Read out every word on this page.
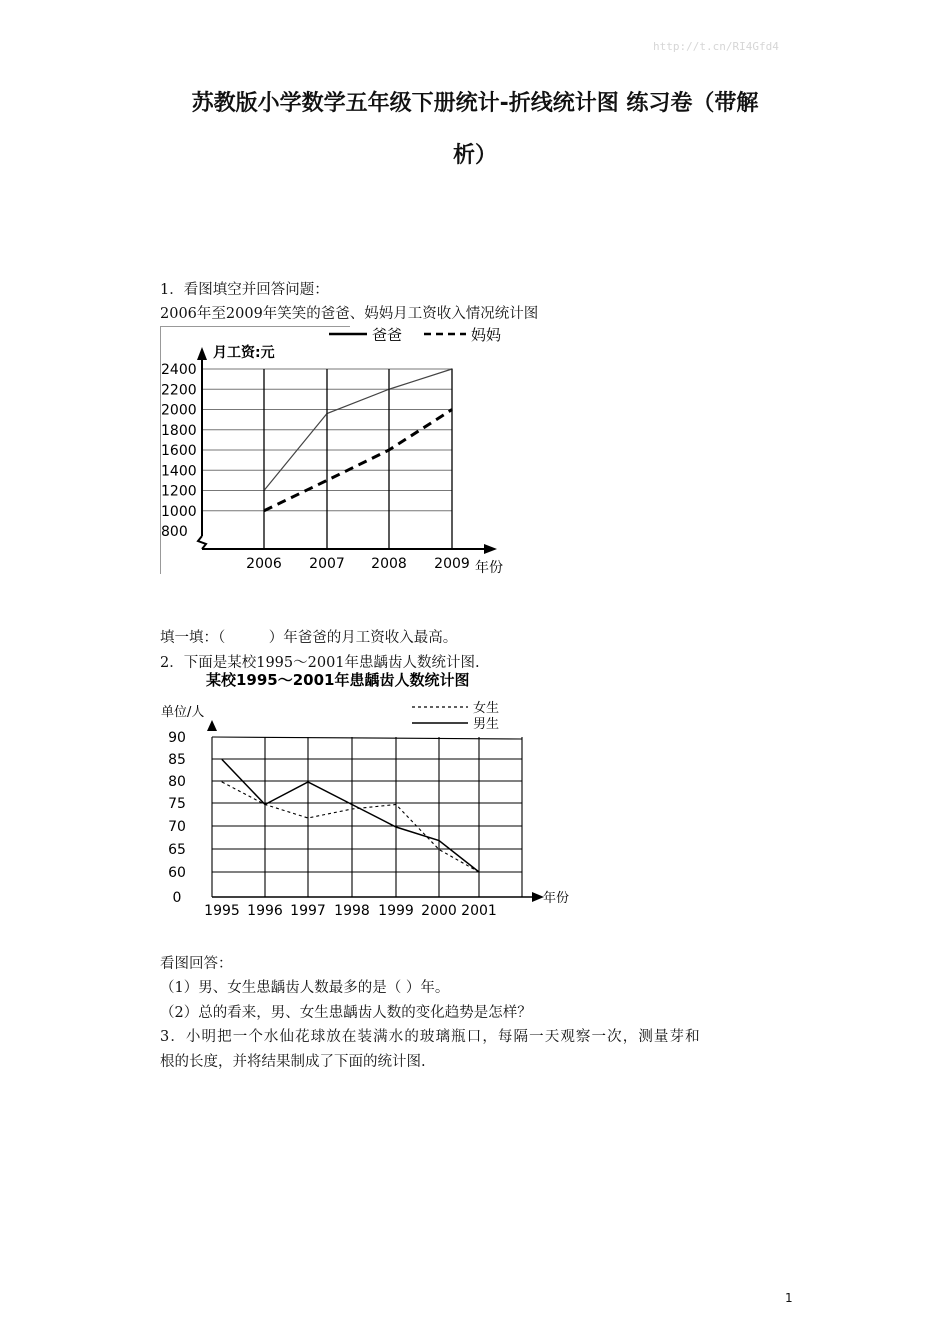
http://t.cn/RI4Gfd4
苏教版小学数学五年级下册统计-折线统计图 练习卷（带解
析）
1．看图填空并回答问题：
2006年至2009年笑笑的爸爸、妈妈月工资收入情况统计图
800
1000
1200
1400
1600
1800
2000
2200
2400
2006 2007 2008 2009
月工资:元
年份
爸爸	妈妈
填一填：（　　　）年爸爸的月工资收入最高。
2．下面是某校1995～2001年患龋齿人数统计图.
某校1995～2001年患龋齿人数统计图
单位/人	女生
男生
年份
0
60
65
70
75
80
85
90
1995 1996 1997 1998 1999 2000 2001
看图回答：
（1）男、女生患龋齿人数最多的是（ ）年。
（2）总的看来，男、女生患龋齿人数的变化趋势是怎样？
3．小明把一个水仙花球放在装满水的玻璃瓶口，每隔一天观察一次，测量芽和
根的长度，并将结果制成了下面的统计图.
1
